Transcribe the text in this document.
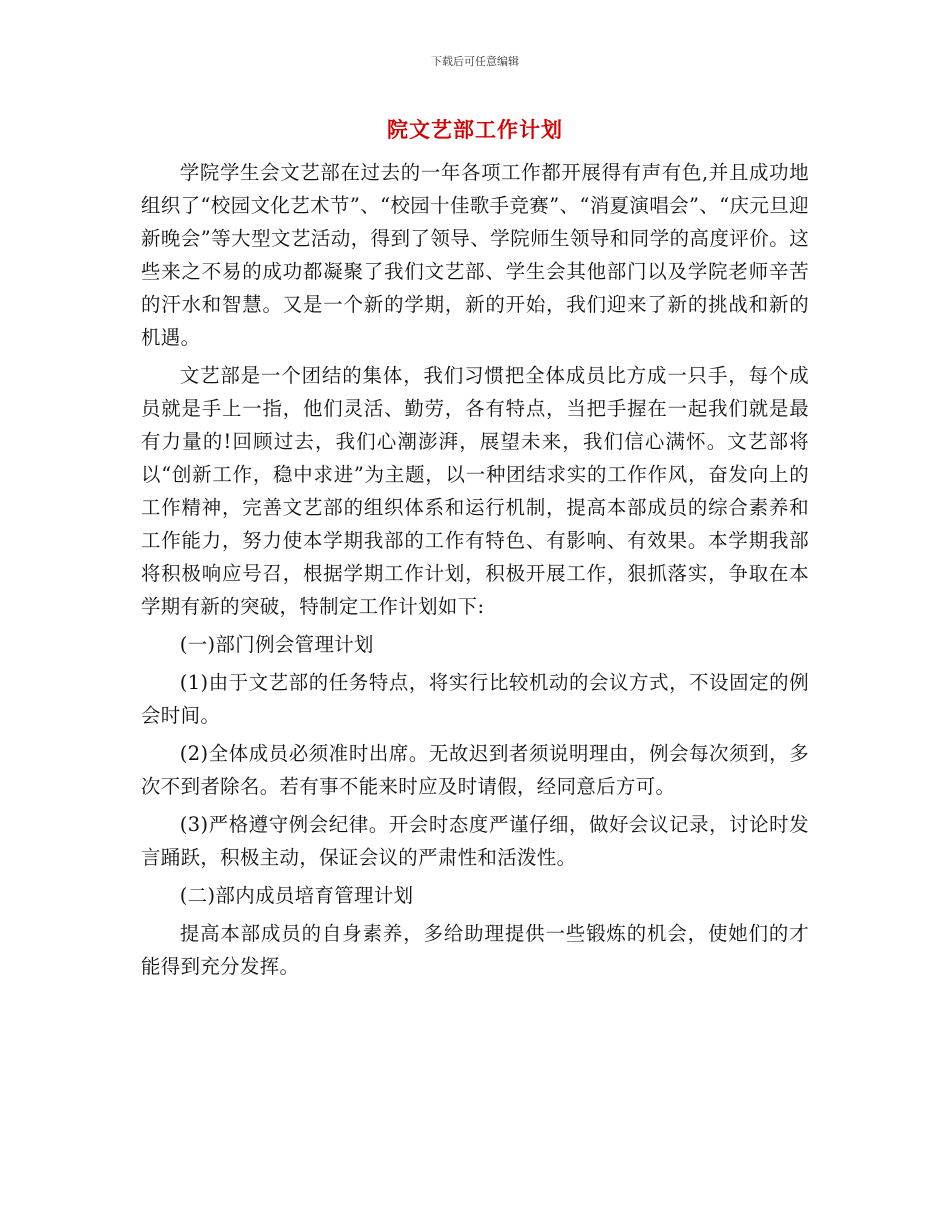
下载后可任意编辑
院文艺部工作计划

学院学生会文艺部在过去的一年各项工作都开展得有声有色,并且成功地组织了“校园文化艺术节”、“校园十佳歌手竞赛”、“消夏演唱会”、“庆元旦迎新晚会”等大型文艺活动，得到了领导、学院师生领导和同学的高度评价。这些来之不易的成功都凝聚了我们文艺部、学生会其他部门以及学院老师辛苦的汗水和智慧。又是一个新的学期，新的开始，我们迎来了新的挑战和新的机遇。

文艺部是一个团结的集体，我们习惯把全体成员比方成一只手，每个成员就是手上一指，他们灵活、勤劳，各有特点，当把手握在一起我们就是最有力量的!回顾过去，我们心潮澎湃，展望未来，我们信心满怀。文艺部将以“创新工作，稳中求进”为主题，以一种团结求实的工作作风，奋发向上的工作精神，完善文艺部的组织体系和运行机制，提高本部成员的综合素养和工作能力，努力使本学期我部的工作有特色、有影响、有效果。本学期我部将积极响应号召，根据学期工作计划，积极开展工作，狠抓落实，争取在本学期有新的突破，特制定工作计划如下:

(一)部门例会管理计划

(1)由于文艺部的任务特点，将实行比较机动的会议方式，不设固定的例会时间。

(2)全体成员必须准时出席。无故迟到者须说明理由，例会每次须到，多次不到者除名。若有事不能来时应及时请假，经同意后方可。

(3)严格遵守例会纪律。开会时态度严谨仔细，做好会议记录，讨论时发言踊跃，积极主动，保证会议的严肃性和活泼性。

(二)部内成员培育管理计划

提高本部成员的自身素养，多给助理提供一些锻炼的机会，使她们的才能得到充分发挥。
